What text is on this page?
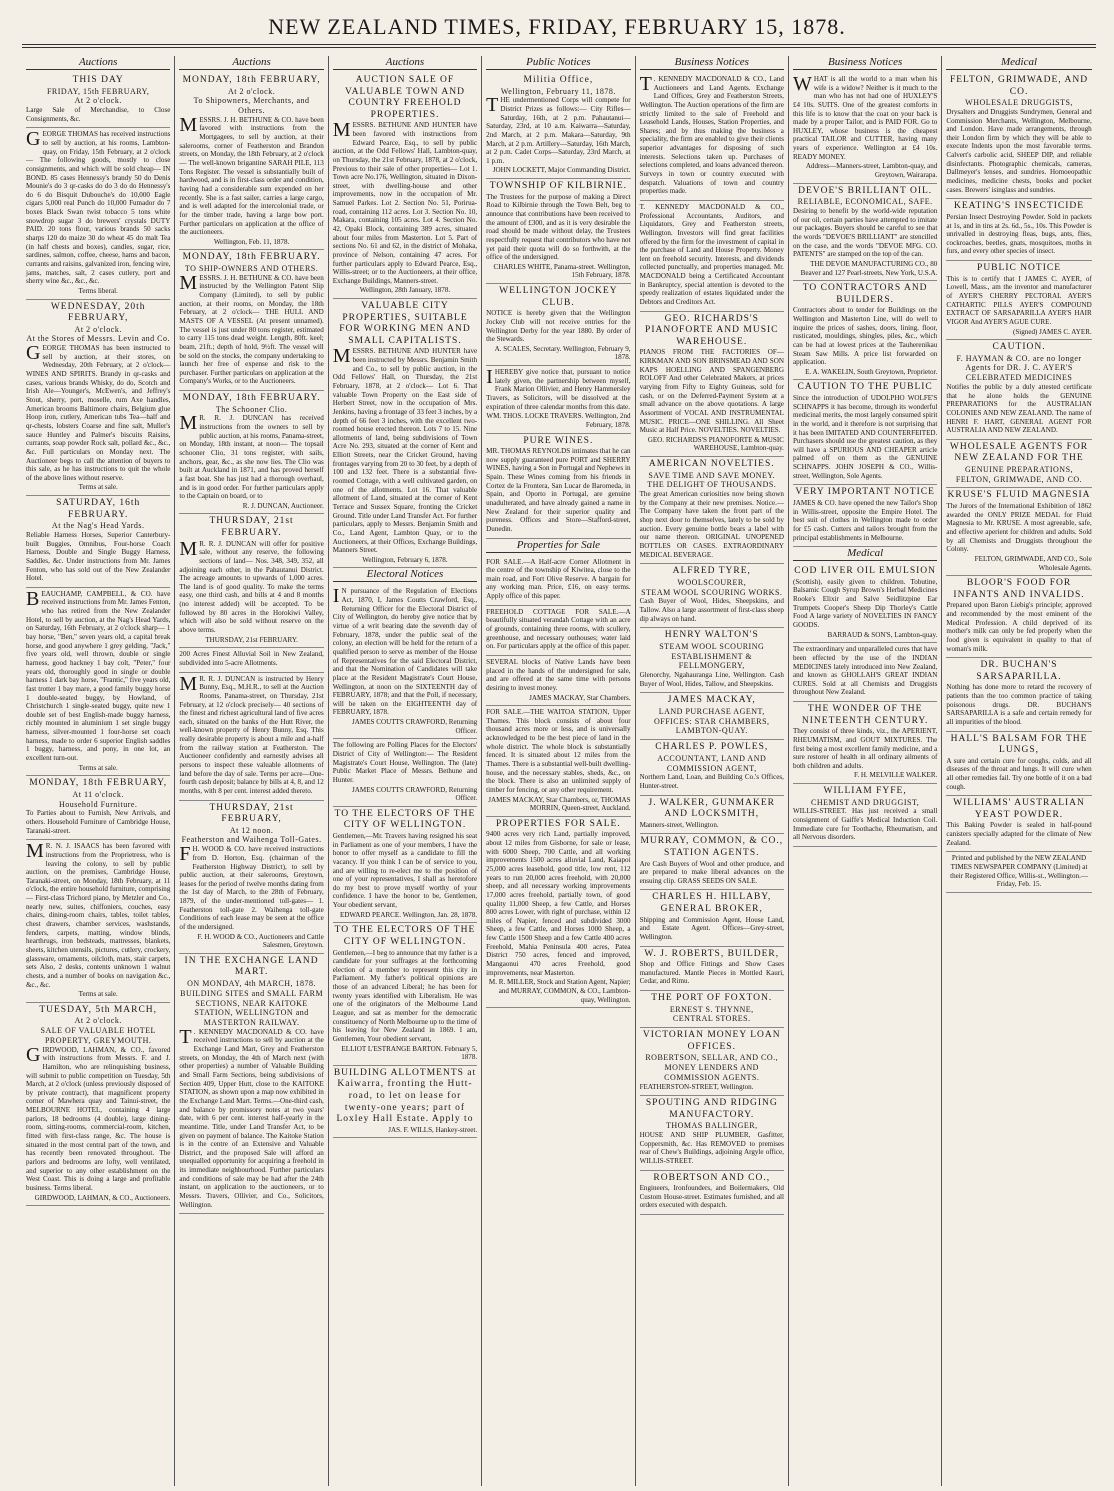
NEW ZEALAND TIMES, FRIDAY, FEBRUARY 15, 1878.
Auctions
THIS DAY
FRIDAY, 15th FEBRUARY,
At 2 o'clock.

Large Sale of Merchandise, to Close Consignments, &c.

GEORGE THOMAS has received instructions to sell by auction, at his rooms, Lambton-quay, on Friday, 15th February, at 2 o'clock— The following goods, mostly to close consignments, and which will be sold cheap— IN BOND. 85 cases Hennessy's brandy 50 do Denis Mounie's do 3 qr-casks do do 3 do do Hennessy's do 6 do Bisquit Dubouche's do 10,000 Eagle cigars 5,000 real Punch do 10,000 Fumador do 7 boxes Black Swan twist tobacco 5 tons white snowdrop sugar 3 do brewers' crystals DUTY PAID. 20 tons flour, various brands 50 sacks sharps 120 do maize 30 do wheat 45 do malt Tea (in half chests and boxes), candles, sugar, rice, sardines, salmon, coffee, cheese, hams and bacon, currants and raisins, galvanized iron, fencing wire, jams, matches, salt, 2 cases cutlery, port and sherry wine &c., &c., &c.

Terms liberal.
WEDNESDAY, 20th FEBRUARY,
At 2 o'clock.
At the Stores of Messrs. Levin and Co.

GEORGE THOMAS has been instructed to sell by auction, at their stores, on Wednesday, 20th February, at 2 o'clock— WINES AND SPIRITS. Brandy in qr-casks and cases, various brands Whisky, do do, Scotch and Irish Ale—Younger's, McEwen's, and Jeffrey's Stout, sherry, port, moselle, rum Axe handles, American brooms Baltimore chairs, Belgium glue Hoop iron, cutlery, American tubs Tea—half and qr-chests, lobsters Coarse and fine salt, Muller's sauce Huntley and Palmer's biscuits Raisins, currants, soap powder Rock salt, pollard &c., &c., &c. Full particulars on Monday next. The Auctioneer begs to call the attention of buyers to this sale, as he has instructions to quit the whole of the above lines without reserve.

Terms at sale.
SATURDAY, 16th FEBRUARY.
At the Nag's Head Yards.

Reliable Harness Horses, Superior Canterbury-built Buggies, Omnibus, Four-horse Coach Harness, Double and Single Buggy Harness, Saddles, &c. Under instructions from Mr. James Fenton, who has sold out of the New Zealander Hotel.

BEAUCHAMP, CAMPBELL, & CO. have received instructions from Mr. James Fenton, who has retired from the New Zealander Hotel, to sell by auction, at the Nag's Head Yards, on Saturday, 16th February, at 2 o'clock sharp— 1 bay horse, "Ben," seven years old, a capital break horse, and good anywhere 1 grey gelding, "Jack," five years old, well thrown, double or single harness, good hackney 1 bay colt, "Peter," four years old, thoroughly good in single or double harness 1 dark bay horse, "Frantic," five years old, fast trotter 1 bay mare, a good family buggy horse 1 double-seated buggy, by Howland, of Christchurch 1 single-seated buggy, quite new 1 double set of best English-made buggy harness, richly mounted in aluminium 1 set single buggy harness, silver-mounted 1 four-horse set coach harness, made to order 6 superior English saddles 1 buggy, harness, and pony, in one lot, an excellent turn-out.

Terms at sale.
MONDAY, 18th FEBRUARY,
At 11 o'clock.
Household Furniture.

To Parties about to Furnish, New Arrivals, and others. Household Furniture of Cambridge House, Taranaki-street.

M R. N. J. ISAACS has been favored with instructions from the Proprietress, who is leaving the colony, to sell by public auction, on the premises, Cambridge House, Taranaki-street, on Monday, 18th February, at 11 o'clock, the entire household furniture, comprising— First-class Trichord piano, by Metzler and Co., nearly new, suites, chiffoniers, couches, easy chairs, dining-room chairs, tables, toilet tables, chest drawers, chamber services, washstands, fenders, carpets, matting, window blinds, hearthrugs, iron bedsteads, mattresses, blankets, sheets, kitchen utensils, pictures, cutlery, crockery, glassware, ornaments, oilcloth, mats, stair carpets, sets Also, 2 desks, contents unknown 1 walnut chests, and a number of books on navigation &c., &c., &c.

Terms at sale.
TUESDAY, 5th MARCH,
At 2 o'clock.
SALE OF VALUABLE HOTEL PROPERTY, GREYMOUTH.

GIRDWOOD, LAHMAN, & CO., favored with instructions from Messrs. F. and J. Hamilton, who are relinquishing business, will submit to public competition on Tuesday, 5th March, at 2 o'clock (unless previously disposed of by private contract), that magnificent property corner of Mawhera quay and Tainui-street, the MELBOURNE HOTEL, containing 4 large parlors, 18 bedrooms (4 double), large dining-room, sitting-rooms, commercial-room, kitchen, fitted with first-class range, &c. The house is situated in the most central part of the town, and has recently been renovated throughout. The parlors and bedrooms are lofty, well ventilated, and superior to any other establishment on the West Coast. This is doing a large and profitable business. Terms liberal.

GIRDWOOD, LAHMAN, & CO., Auctioneers.
Auctions
MONDAY, 18th FEBRUARY,
At 2 o'clock.
To Shipowners, Merchants, and Others.

MESSRS. J. H. BETHUNE & CO. have been favored with instructions from the Mortgagees, to sell by auction, at their salerooms, corner of Featherston and Brandon streets, on Monday, the 18th February, at 2 o'clock— The well-known brigantine SARAH PILE, 113 Tons Register. The vessel is substantially built of hardwood, and is in first-class order and condition, having had a considerable sum expended on her recently. She is a fast sailer, carries a large cargo, and is well adapted for the intercolonial trade, or for the timber trade, having a large bow port. Further particulars on application at the office of the auctioneers.

Wellington, Feb. 11, 1878.
MONDAY, 18th FEBRUARY.
TO SHIP-OWNERS AND OTHERS.

MESSRS. J. H. BETHUNE & CO. have been instructed by the Wellington Patent Slip Company (Limited), to sell by public auction, at their rooms, on Monday, the 18th February, at 2 o'clock— THE HULL AND MASTS OF A VESSEL (At present unnamed). The vessel is just under 80 tons register, estimated to carry 115 tons dead weight. Length, 80ft. keel; beam, 21ft.; depth of hold, 9½ft. The vessel will be sold on the stocks, the company undertaking to launch her free of expense and risk to the purchaser. Further particulars on application at the Company's Works, or to the Auctioneers.

MONDAY, 18th FEBRUARY.
The Schooner Clio.

M R. R. J. DUNCAN has received instructions from the owners to sell by public auction, at his rooms, Panama-street, on Monday, 18th instant, at noon— The topsail schooner Clio, 31 tons register, with sails, anchors, gear, &c., as she now lies. The Clio was built at Auckland in 1871, and has proved herself a fast boat. She has just had a thorough overhaul, and is in good order. For further particulars apply to the Captain on board, or to

R. J. DUNCAN, Auctioneer.
THURSDAY, 21st FEBRUARY.

M R. R. J. DUNCAN will offer for positive sale, without any reserve, the following sections of land— Nos. 348, 349, 352, all adjoining each other, in the Pahautanui District. The acreage amounts to upwards of 1,000 acres. The land is of good quality. To make the terms easy, one third cash, and bills at 4 and 8 months (no interest added) will be accepted. To be followed by 80 acres in the Horokiwi Valley, which will also be sold without reserve on the above terms.

THURSDAY, 21st FEBRUARY.

200 Acres Finest Alluvial Soil in New Zealand, subdivided into 5-acre Allotments.

M R. R. J. DUNCAN is instructed by Henry Bunny, Esq., M.H.R., to sell at the Auction Rooms, Panama-street, on Thursday, 21st February, at 12 o'clock precisely— 40 sections of the finest and richest agricultural land of five acres each, situated on the banks of the Hutt River, the well-known property of Henry Bunny, Esq. This really desirable property is about a mile and a-half from the railway station at Featherston. The Auctioneer confidently and earnestly advises all persons to inspect these valuable allotments of land before the day of sale. Terms per acre—One-fourth cash deposit; balance by bills at 4, 8, and 12 months, with 8 per cent. interest added thereto.

THURSDAY, 21st FEBRUARY,
At 12 noon.
Featherston and Waihenga Toll-Gates.

F H. WOOD & CO. have received instructions from D. Horton, Esq. (chairman of the Featherston Highway District), to sell by public auction, at their salerooms, Greytown, leases for the period of twelve months dating from the 1st day of March, to the 28th of February, 1879, of the under-mentioned toll-gates— 1. Featherston toll-gate 2. Waihenga toll-gate Conditions of each lease may be seen at the office of the undersigned.

F. H. WOOD & CO., Auctioneers and Cattle Salesmen, Greytown.
IN THE EXCHANGE LAND MART.
ON MONDAY, 4th MARCH, 1878.
BUILDING SITES and SMALL FARM SECTIONS, NEAR KAITOKE STATION, WELLINGTON and MASTERTON RAILWAY.

T . KENNEDY MACDONALD & CO. have received instructions to sell by auction at the Exchange Land Mart, Grey and Featherston streets, on Monday, the 4th of March next (with other properties) a number of Valuable Building and Small Farm Sections, being subdivisions of Section 409, Upper Hutt, close to the KAITOKE STATION, as shown upon a map now exhibited in the Exchange Land Mart. Terms.—One-third cash, and balance by promissory notes at two years' date, with 6 per cent. interest half-yearly in the meantime. Title, under Land Transfer Act, to be given on payment of balance. The Kaitoke Station is in the centre of an Extensive and Valuable District, and the proposed Sale will afford an unequalled opportunity for acquiring a freehold in its immediate neighbourhood. Further particulars and conditions of sale may be had after the 24th instant, on application to the auctioneers, or to Messrs. Travers, Ollivier, and Co., Solicitors, Wellington.

Auctions
AUCTION SALE OF VALUABLE TOWN AND COUNTRY FREEHOLD PROPERTIES.

MESSRS. BETHUNE AND HUNTER have been favored with instructions from Edward Pearce, Esq., to sell by public auction, at the Odd Fellows' Hall, Lambton-quay, on Thursday, the 21st February, 1878, at 2 o'clock, Previous to their sale of other properties— Lot 1. Town acre No.176, Wellington, situated in Dixon-street, with dwelling-house and other improvements, now in the occupation of Mr. Samuel Parkes. Lot 2. Section No. 51, Porirua-road, containing 112 acres. Lot 3. Section No. 10, Makara, containing 105 acres. Lot 4. Section No. 42, Opaki Block, containing 389 acres, situated about four miles from Masterton. Lot 5. Part of sections No. 61 and 62, in the district of Mohaka, province of Nelson, containing 47 acres. For further particulars apply to Edward Pearce, Esq., Willis-street; or to the Auctioneers, at their office, Exchange Buildings, Manners-street.

Wellington, 28th January, 1878.
VALUABLE CITY PROPERTIES, SUITABLE FOR WORKING MEN AND SMALL CAPITALISTS.

MESSRS. BETHUNE AND HUNTER have been instructed by Messrs. Benjamin Smith and Co., to sell by public auction, in the Odd Fellows' Hall, on Thursday, the 21st February, 1878, at 2 o'clock— Lot 6. That valuable Town Property on the East side of Herbert Street, now in the occupation of Mrs. Jenkins, having a frontage of 33 feet 3 inches, by a depth of 66 feet 3 inches, with the excellent two-roomed house erected thereon. Lots 7 to 15. Nine allotments of land, being subdivisions of Town Acre No. 293, situated at the corner of Kent and Elliott Streets, near the Cricket Ground, having frontages varying from 20 to 30 feet, by a depth of 100 and 132 feet. There is a substantial five-roomed Cottage, with a well cultivated garden, on one of the allotments. Lot 16. That valuable allotment of Land, situated at the corner of Kent Terrace and Sussex Square, fronting the Cricket Ground. Title under Land Transfer Act. For further particulars, apply to Messrs. Benjamin Smith and Co., Land Agent, Lambton Quay, or to the Auctioneers, at their Offices, Exchange Buildings, Manners Street.

Wellington, February 6, 1878.
Electoral Notices

I N pursuance of the Regulation of Elections Act, 1870, I, James Coutts Crawford, Esq., Returning Officer for the Electoral District of City of Wellington, do hereby give notice that by virtue of a writ bearing date the seventh day of February, 1878, under the public seal of the colony, an election will be held for the return of a qualified person to serve as member of the House of Representatives for the said Electoral District, and that the Nomination of Candidates will take place at the Resident Magistrate's Court House, Wellington, at noon on the SIXTEENTH day of FEBRUARY, 1878; and that the Poll, if necessary, will be taken on the EIGHTEENTH day of FEBRUARY, 1878.

JAMES COUTTS CRAWFORD, Returning Officer.

The following are Polling Places for the Electors' District of City of Wellington:— The Resident Magistrate's Court House, Wellington. The (late) Public Market Place of Messrs. Bethune and Hunter.

JAMES COUTTS CRAWFORD, Returning Officer.
TO THE ELECTORS OF THE CITY OF WELLINGTON.

Gentlemen,—Mr. Travers having resigned his seat in Parliament as one of your members, I have the honor to offer myself as a candidate to fill the vacancy. If you think I can be of service to you, and are willing to re-elect me to the position of one of your representatives, I shall as heretofore do my best to prove myself worthy of your confidence. I have the honor to be, Gentlemen, Your obedient servant,

EDWARD PEARCE. Wellington, Jan. 28, 1878.
TO THE ELECTORS OF THE CITY OF WELLINGTON.

Gentlemen,—I beg to announce that my father is a candidate for your suffrages at the forthcoming election of a member to represent this city in Parliament. My father's political opinions are those of an advanced Liberal; he has been for twenty years identified with Liberalism. He was one of the originators of the Melbourne Land League, and sat as member for the democratic constituency of North Melbourne up to the time of his leaving for New Zealand in 1869. I am, Gentlemen, Your obedient servant,

ELLIOT L'ESTRANGE BARTON. February 5, 1878.
BUILDING ALLOTMENTS at Kaiwarra, fronting the Hutt-road, to let on lease for twenty-one years; part of Loxley Hall Estate. Apply to
JAS. F. WILLS, Hankey-street.
Public Notices
Militia Office,
Wellington, February 11, 1878.

THE undermentioned Corps will compete for District Prizes as follows:— City Rifles—Saturday, 16th, at 2 p.m. Pahautanui—Saturday, 23rd, at 10 a.m. Kaiwarra—Saturday, 2nd March, at 2 p.m. Makara—Saturday, 9th March, at 2 p.m. Artillery—Saturday, 16th March, at 2 p.m. Cadet Corps—Saturday, 23rd March, at 1 p.m.

JOHN LOCKETT, Major Commanding District.
TOWNSHIP OF KILBIRNIE.

The Trustees for the purpose of making a Direct Road to Kilbirnie through the Town Belt, beg to announce that contributions have been received to the amount of £300, and as it is very desirable the road should be made without delay, the Trustees respectfully request that contributors who have not yet paid their quota will do so forthwith, at the office of the undersigned.

CHARLES WHITE, Panama-street. Wellington, 15th February, 1878.
WELLINGTON JOCKEY CLUB.

NOTICE is hereby given that the Wellington Jockey Club will not receive entries for the Wellington Derby for the year 1880. By order of the Stewards.

A. SCALES, Secretary. Wellington, February 9, 1878.

IHEREBY give notice that, pursuant to notice lately given, the partnership between myself, Frank Marion Ollivier, and Henry Hammersley Travers, as Solicitors, will be dissolved at the expiration of three calendar months from this date.

WM. THOS. LOCKE TRAVERS. Wellington, 2nd February, 1878.
PURE WINES.

MR. THOMAS REYNOLDS intimates that he can now supply guaranteed pure PORT and SHERRY WINES, having a Son in Portugal and Nephews in Spain. These Wines coming from his friends in Cortez de la Frontera, San Lucar de Baromeda, in Spain, and Oporto in Portugal, are genuine unadulterated, and have already gained a name in New Zealand for their superior quality and pureness. Offices and Store—Stafford-street, Dunedin.

Properties for Sale

FOR SALE.—A Half-acre Corner Allotment in the centre of the township of Kiwitea, close to the main road, and Fort Olive Reserve. A bargain for any working man. Price, £16, on easy terms. Apply office of this paper.

FREEHOLD COTTAGE FOR SALE.—A beautifully situated verandah Cottage with an acre of grounds, containing three rooms, with scullery, greenhouse, and necessary outhouses; water laid on. For particulars apply at the office of this paper.

SEVERAL blocks of Native Lands have been placed in the hands of the undersigned for sale, and are offered at the same time with persons desiring to invest money.

JAMES MACKAY, Star Chambers.

FOR SALE.—THE WAITOA STATION, Upper Thames. This block consists of about four thousand acres more or less, and is universally acknowledged to be the best piece of land in the whole district. The whole block is substantially fenced. It is situated about 12 miles from the Thames. There is a substantial well-built dwelling-house, and the necessary stables, sheds, &c., on the block. There is also an unlimited supply of timber for fencing, or any other requirement.

JAMES MACKAY, Star Chambers, or, THOMAS MORRIN, Queen-street, Auckland.
PROPERTIES FOR SALE.

9400 acres very rich Land, partially improved, about 12 miles from Gisborne, for sale or lease, with 6000 Sheep, 700 Cattle, and all working improvements 1500 acres alluvial Land, Kaiapoi 25,000 acres leasehold, good title, low rent, 112 years to run 20,000 acres freehold, with 20,000 sheep, and all necessary working improvements 17,000 acres freehold, partially town, of good quality 11,000 Sheep, a few Cattle, and Horses 800 acres Lower, with right of purchase, within 12 miles of Napier, fenced and subdivided 3000 Sheep, a few Cattle, and Horses 1000 Sheep, a few Cattle 1500 Sheep and a few Cattle 400 acres Freehold, Mahia Peninsula 400 acres, Patea District 750 acres, fenced and improved, Mangaonui 470 acres Freehold, good improvements, near Masterton.

M. R. MILLER, Stock and Station Agent, Napier; and MURRAY, COMMON, & CO., Lambton-quay, Wellington.
Business Notices

T . KENNEDY MACDONALD & CO., Land Auctioneers and Land Agents. Exchange Land Offices, Grey and Featherston Streets, Wellington. The Auction operations of the firm are strictly limited to the sale of Freehold and Leasehold Lands, Houses, Station Properties, and Shares; and by thus making the business a speciality, the firm are enabled to give their clients superior advantages for disposing of such interests. Selections taken up. Purchases of selections completed, and loans advanced thereon. Surveys in town or country executed with despatch. Valuations of town and country properties made.

T. KENNEDY MACDONALD & CO., Professional Accountants, Auditors, and Liquidators, Grey and Featherston streets, Wellington. Investors will find great facilities offered by the firm for the investment of capital in the purchase of Land and House Property. Money lent on freehold security. Interests, and dividends collected punctually, and properties managed. Mr. MACDONALD being a Certificated Accountant in Bankruptcy, special attention is devoted to the speedy realization of estates liquidated under the Debtors and Creditors Act.

GEO. RICHARDS'S PIANOFORTE AND MUSIC WAREHOUSE.

PIANOS FROM THE FACTORIES OF— KIRKMAN AND SON BRINSMEAD AND SON KAPS HOELLING AND SPANGENBERG ROLOFF And other Celebrated Makers, at prices varying from Fifty to Eighty Guineas, sold for cash, or on the Deferred-Payment System at a small advance on the above quotations. A large Assortment of VOCAL AND INSTRUMENTAL MUSIC. PRICE—ONE SHILLING. All Sheet Music at Half Price. NOVELTIES. NOVELTIES.

GEO. RICHARDS'S PIANOFORTE & MUSIC WAREHOUSE, Lambton-quay.
AMERICAN NOVELTIES.
SAVE TIME AND SAVE MONEY.
THE DELIGHT OF THOUSANDS.

The great American curiosities now being shown by the Company at their new premises. Notice.—The Company have taken the front part of the shop next door to themselves, lately to be sold by auction. Every genuine bottle bears a label with our name thereon. ORIGINAL UNOPENED BOTTLES OR CASES. EXTRAORDINARY MEDICAL BEVERAGE.

ALFRED TYRE,
WOOLSCOURER,
STEAM WOOL SCOURING WORKS.

Cash Buyer of Wool, Hides, Sheepskins, and Tallow. Also a large assortment of first-class sheep dip always on hand.

HENRY WALTON'S
STEAM WOOL SCOURING
ESTABLISHMENT & FELLMONGERY,

Glenorchy, Ngahauranga Line, Wellington. Cash Buyer of Wool, Hides, Tallow, and Sheepskins.

JAMES MACKAY,
LAND PURCHASE AGENT,
OFFICES: STAR CHAMBERS,
LAMBTON-QUAY.
CHARLES P. POWLES,
ACCOUNTANT, LAND AND COMMISSION AGENT,

Northern Land, Loan, and Building Co.'s Offices, Hunter-street.

J. WALKER, GUNMAKER AND LOCKSMITH,

Manners-street, Wellington.

MURRAY, COMMON, & CO., STATION AGENTS.

Are Cash Buyers of Wool and other produce, and are prepared to make liberal advances on the ensuing clip. GRASS SEEDS ON SALE.

CHARLES H. HILLABY, GENERAL BROKER,

Shipping and Commission Agent, House Land, and Estate Agent. Offices—Grey-street, Wellington.

W. J. ROBERTS, BUILDER,

Shop and Office Fittings and Show Cases manufactured. Mantle Pieces in Mottled Kauri, Cedar, and Rimu.

THE PORT OF FOXTON.
ERNEST S. THYNNE,
CENTRAL STORES.
VICTORIAN MONEY LOAN OFFICES.
ROBERTSON, SELLAR, AND CO., MONEY LENDERS AND COMMISSION AGENTS.

FEATHERSTON-STREET, Wellington.

SPOUTING AND RIDGING MANUFACTORY.
THOMAS BALLINGER,

HOUSE AND SHIP PLUMBER, Gasfitter, Coppersmith, &c. Has REMOVED to premises rear of Chew's Buildings, adjoining Argyle office, WILLIS-STREET.

ROBERTSON AND CO.,

Engineers, Ironfounders, and Boilermakers, Old Custom House-street. Estimates furnished, and all orders executed with despatch.

Business Notices

WHAT is all the world to a man when his wife is a widow? Neither is it much to the man who has not had one of HUXLEY'S £4 10s. SUITS. One of the greatest comforts in this life is to know that the coat on your back is made by a proper Tailor, and is PAID FOR. Go to HUXLEY, whose business is the cheapest practical TAILOR and CUTTER, having many years of experience. Wellington at £4 10s. READY MONEY.

Address—Manners-street, Lambton-quay, and Greytown, Wairarapa.
DEVOE'S BRILLIANT OIL.
RELIABLE, ECONOMICAL, SAFE.

Desiring to benefit by the world-wide reputation of our oil, certain parties have attempted to imitate our packages. Buyers should be careful to see that the words "DEVOE'S BRILLIANT" are stencilled on the case, and the words "DEVOE MFG. CO. PATENTS" are stamped on the top of the can.

THE DEVOE MANUFACTURING CO., 80 Beaver and 127 Pearl-streets, New York, U.S.A.
TO CONTRACTORS AND BUILDERS.

Contractors about to tender for Buildings on the Wellington and Masterton Line, will do well to inquire the prices of sashes, doors, lining, floor, rusticated, mouldings, shingles, piles, &c., which can be had at lowest prices at the Tauherenikau Steam Saw Mills. A price list forwarded on application.

E. A. WAKELIN, South Greytown, Proprietor.
CAUTION TO THE PUBLIC

Since the introduction of UDOLPHO WOLFE'S SCHNAPPS it has become, through its wonderful medicinal merits, the most largely consumed spirit in the world, and it therefore is not surprising that it has been IMITATED AND COUNTERFEITED. Purchasers should use the greatest caution, as they will have a SPURIOUS AND CHEAPER article palmed off on them as the GENUINE SCHNAPPS. JOHN JOSEPH & CO., Willis-street, Wellington, Sole Agents.

VERY IMPORTANT NOTICE

JAMES & CO. have opened the new Tailor's Shop in Willis-street, opposite the Empire Hotel. The best suit of clothes in Wellington made to order for £5 cash. Cutters and tailors brought from the principal establishments in Melbourne.

Medical
COD LIVER OIL EMULSION

(Scottish), easily given to children. Tobutine, Balsamic Cough Syrup Brown's Herbal Medicines Rooke's Elixir and Salve Seidlitzpine Ear Trumpets Cooper's Sheep Dip Thorley's Cattle Food A large variety of NOVELTIES IN FANCY GOODS.

BARRAUD & SON'S, Lambton-quay.

The extraordinary and unparalleled cures that have been effected by the use of the INDIAN MEDICINES lately introduced into New Zealand, and known as GHOLLAH'S GREAT INDIAN CURES. Sold at all Chemists and Druggists throughout New Zealand.

THE WONDER OF THE NINETEENTH CENTURY.

They consist of three kinds, viz., the APERIENT, RHEUMATISM, and GOUT MIXTURES. The first being a most excellent family medicine, and a sure restorer of health in all ordinary ailments of both children and adults.

F. H. MELVILLE WALKER.
WILLIAM FYFE,
CHEMIST AND DRUGGIST,

WILLIS-STREET. Has just received a small consignment of Gaiffe's Medical Induction Coil. Immediate cure for Toothache, Rheumatism, and all Nervous disorders.

Medical
FELTON, GRIMWADE, AND CO.
WHOLESALE DRUGGISTS,

Drysalters and Druggists Sundrymen, General and Commission Merchants, Wellington, Melbourne, and London. Have made arrangements, through their London firm by which they will be able to execute Indents upon the most favorable terms. Calvert's carbolic acid, SHEEP DIP, and reliable disinfectants. Photographic chemicals, cameras, Dallmeyer's lenses, and sundries. Homoeopathic medicines, medicine chests, books and pocket cases. Brewers' isinglass and sundries.

KEATING'S INSECTICIDE

Persian Insect Destroying Powder. Sold in packets at 1s, and in tins at 2s. 6d., 5s., 10s. This Powder is unrivalled in destroying fleas, bugs, ants, flies, cockroaches, beetles, gnats, mosquitoes, moths in furs, and every other species of insect.

PUBLIC NOTICE

This is to certify that I JAMES C. AYER, of Lowell, Mass., am the inventor and manufacturer of AYER'S CHERRY PECTORAL AYER'S CATHARTIC PILLS AYER'S COMPOUND EXTRACT OF SARSAPARILLA AYER'S HAIR VIGOR And AYER'S AGUE CURE.

(Signed) JAMES C. AYER.
CAUTION.
F. HAYMAN & CO. are no longer Agents for DR. J. C. AYER'S CELEBRATED MEDICINES

Notifies the public by a duly attested certificate that he alone holds the GENUINE PREPARATIONS for the AUSTRALIAN COLONIES AND NEW ZEALAND. The name of HENRI F. HART, GENERAL AGENT FOR AUSTRALIA AND NEW ZEALAND.

WHOLESALE AGENTS FOR NEW ZEALAND FOR THE
GENUINE PREPARATIONS,
FELTON, GRIMWADE, AND CO.
KRUSE'S FLUID MAGNESIA

The Jurors of the International Exhibition of 1862 awarded the ONLY PRIZE MEDAL for Fluid Magnesia to Mr. KRUSE. A most agreeable, safe, and effective aperient for children and adults. Sold by all Chemists and Druggists throughout the Colony.

FELTON, GRIMWADE, AND CO., Sole Wholesale Agents.
BLOOR'S FOOD FOR INFANTS AND INVALIDS.

Prepared upon Baron Liebig's principle; approved and recommended by the most eminent of the Medical Profession. A child deprived of its mother's milk can only be fed properly when the food given is equivalent in quality to that of woman's milk.

DR. BUCHAN'S SARSAPARILLA.

Nothing has done more to retard the recovery of patients than the too common practice of taking poisonous drugs. DR. BUCHAN'S SARSAPARILLA is a safe and certain remedy for all impurities of the blood.

HALL'S BALSAM FOR THE LUNGS,

A sure and certain cure for coughs, colds, and all diseases of the throat and lungs. It will cure when all other remedies fail. Try one bottle of it on a bad cough.

WILLIAMS' AUSTRALIAN YEAST POWDER.

This Baking Powder is sealed in half-pound canisters specially adapted for the climate of New Zealand.

Printed and published by the NEW ZEALAND TIMES NEWSPAPER COMPANY (Limited) at their Registered Office, Willis-st., Wellington.—Friday, Feb. 15.
